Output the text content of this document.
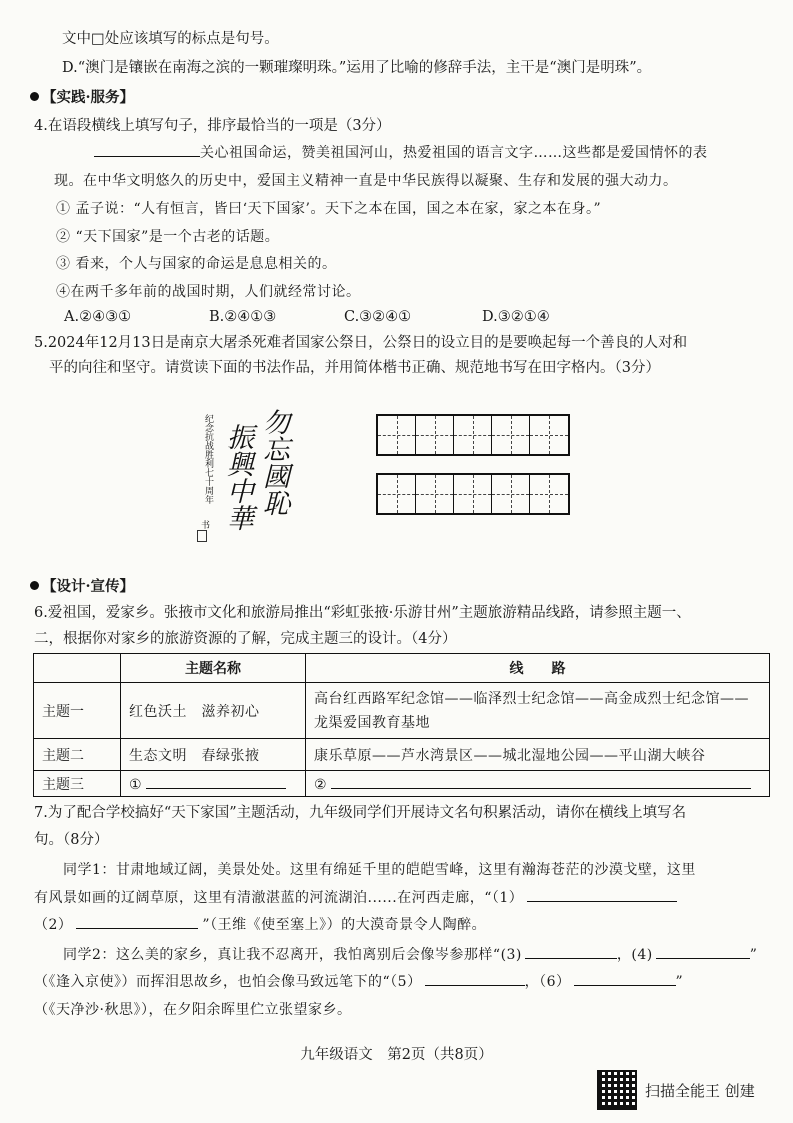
文中□处应该填写的标点是句号。
D.“澳门是镶嵌在南海之滨的一颗璀璨明珠。”运用了比喻的修辞手法，主干是“澳门是明珠”。
【实践·服务】
4.在语段横线上填写句子，排序最恰当的一项是（3分）
关心祖国命运，赞美祖国河山，热爱祖国的语言文字……这些都是爱国情怀的表
现。在中华文明悠久的历史中，爱国主义精神一直是中华民族得以凝聚、生存和发展的强大动力。
① 孟子说：“人有恒言，皆曰‘天下国家’。天下之本在国，国之本在家，家之本在身。”
② “天下国家”是一个古老的话题。
③ 看来，个人与国家的命运是息息相关的。
④在两千多年前的战国时期，人们就经常讨论。
A.②④③①	B.②④①③	C.③②④①	D.③②①④
5.2024年12月13日是南京大屠杀死难者国家公祭日，公祭日的设立目的是要唤起每一个善良的人对和
平的向往和坚守。请赏读下面的书法作品，并用简体楷书正确、规范地书写在田字格内。（3分）
勿忘國恥
振興中華
纪念抗战胜利七十周年
书
【设计·宣传】
6.爱祖国，爱家乡。张掖市文化和旅游局推出“彩虹张掖·乐游甘州”主题旅游精品线路，请参照主题一、
二，根据你对家乡的旅游资源的了解，完成主题三的设计。（4分）
	主题名称	线　　路
主题一	红色沃土　滋养初心	高台红西路军纪念馆——临泽烈士纪念馆——高金成烈士纪念馆——龙渠爱国教育基地
主题二	生态文明　春绿张掖	康乐草原——芦水湾景区——城北湿地公园——平山湖大峡谷
主题三	①	②
7.为了配合学校搞好“天下家国”主题活动，九年级同学们开展诗文名句积累活动，请你在横线上填写名
句。（8分）
同学1：甘肃地域辽阔，美景处处。这里有绵延千里的皑皑雪峰，这里有瀚海苍茫的沙漠戈壁，这里
有风景如画的辽阔草原，这里有清澈湛蓝的河流湖泊......在河西走廊，“（1）
（2）	”（王维《使至塞上》）的大漠奇景令人陶醉。
同学2：这么美的家乡，真让我不忍离开，我怕离别后会像岑参那样“(3)	，(4)	”
（《逢入京使》）而挥泪思故乡，也怕会像马致远笔下的“（5）	，（6）	”
（《天净沙·秋思》），在夕阳余晖里伫立张望家乡。
九年级语文　第2页（共8页）
扫描全能王 创建
